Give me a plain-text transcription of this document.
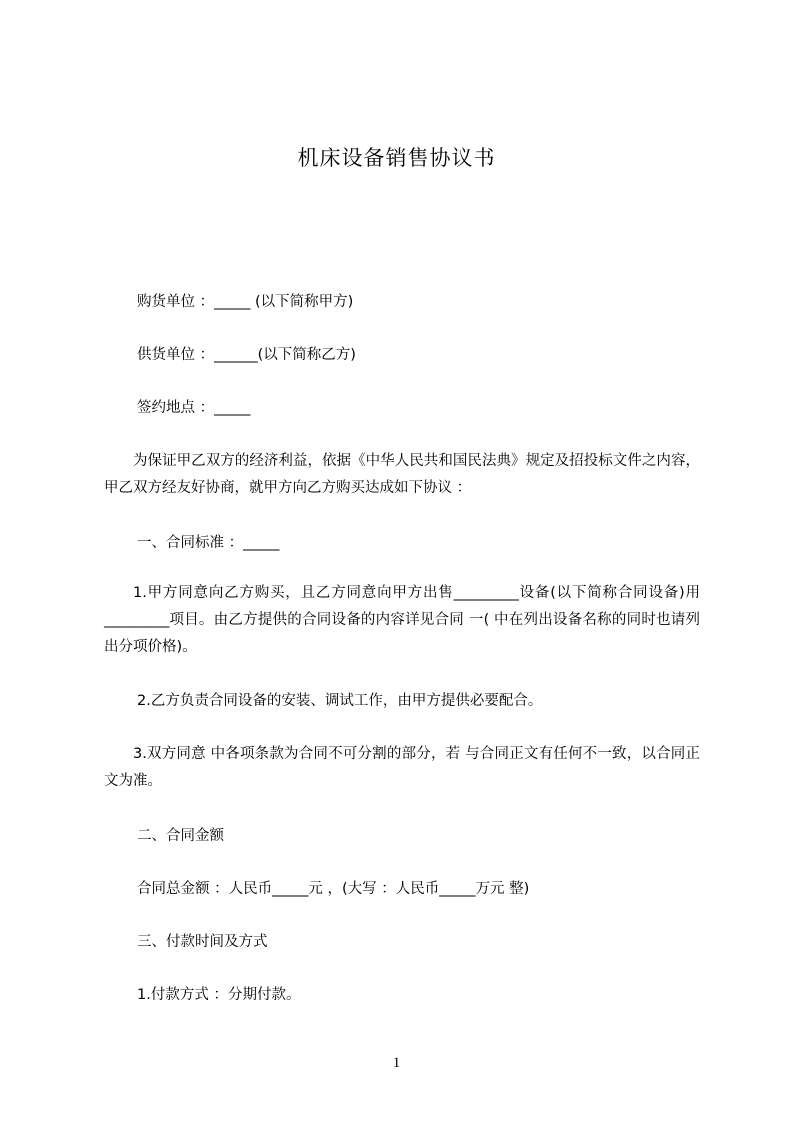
机床设备销售协议书

购货单位 ：_____ (以下简称甲方)

供货单位 ：______(以下简称乙方)

签约地点 ：_____

为保证甲乙双方的经济利益，依据《中华人民共和国民法典》规定及招投标文件之内容， 甲乙双方经友好协商，就甲方向乙方购买达成如下协议 ：

一、合同标准 ：_____

1.甲方同意向乙方购买，且乙方同意向甲方出售_________设备(以下简称合同设备)用 _________项目。由乙方提供的合同设备的内容详见合同 一( 中在列出设备名称的同时也请列出分项价格)。

2.乙方负责合同设备的安装、调试工作，由甲方提供必要配合。

3.双方同意 中各项条款为合同不可分割的部分，若 与合同正文有任何不一致，以合同正文为准。

二、合同金额

合同总金额 ：人民币_____元 ，(大写 ：人民币_____万元 整)

三、付款时间及方式

1.付款方式 ：分期付款。

1
